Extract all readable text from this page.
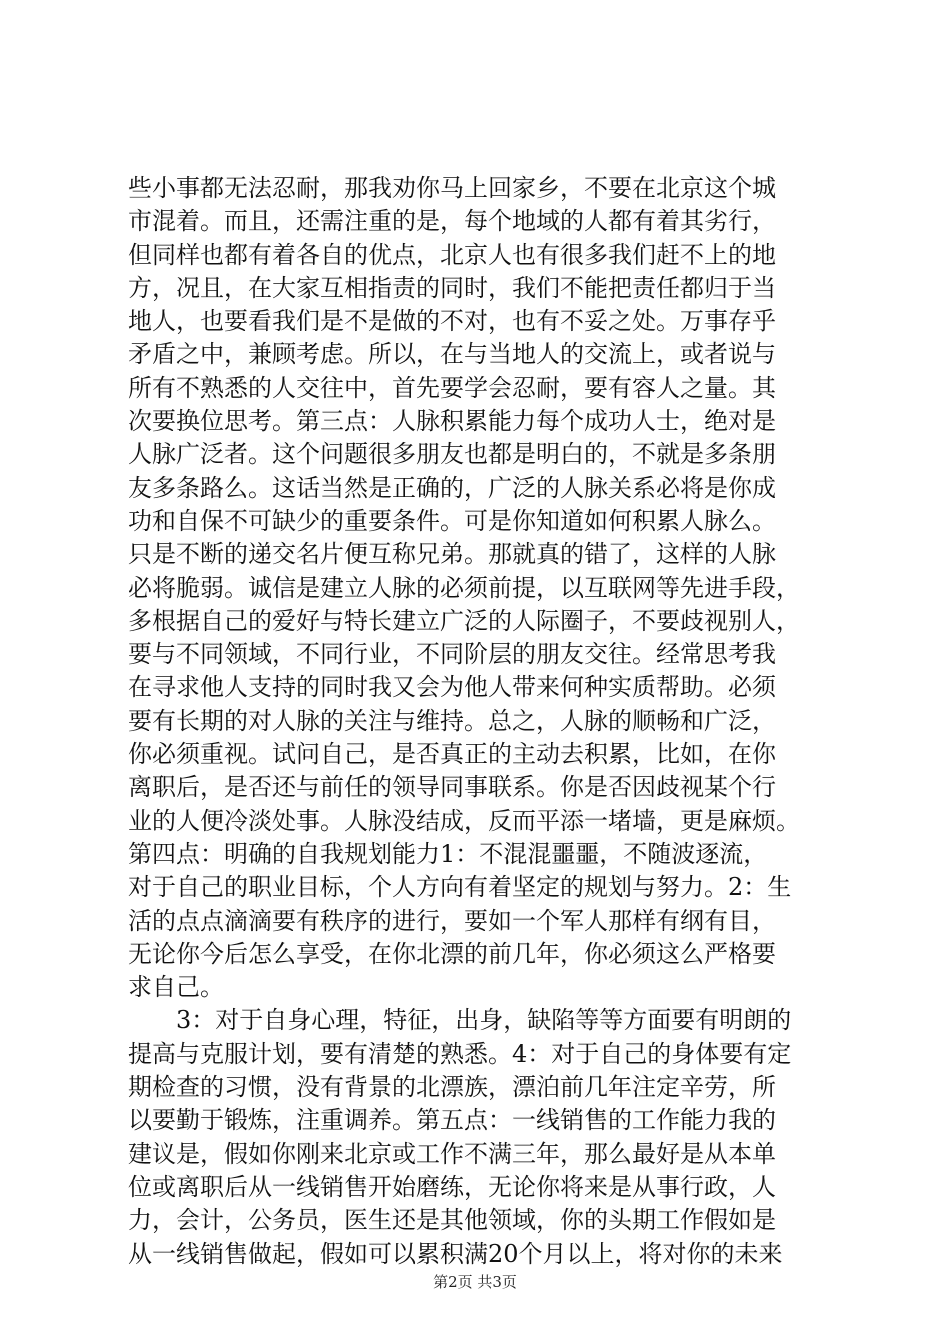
些小事都无法忍耐，那我劝你马上回家乡，不要在北京这个城
市混着。而且，还需注重的是，每个地域的人都有着其劣行，
但同样也都有着各自的优点，北京人也有很多我们赶不上的地
方，况且，在大家互相指责的同时，我们不能把责任都归于当
地人，也要看我们是不是做的不对，也有不妥之处。万事存乎
矛盾之中，兼顾考虑。所以，在与当地人的交流上，或者说与
所有不熟悉的人交往中，首先要学会忍耐，要有容人之量。其
次要换位思考。第三点：人脉积累能力每个成功人士，绝对是
人脉广泛者。这个问题很多朋友也都是明白的，不就是多条朋
友多条路么。这话当然是正确的，广泛的人脉关系必将是你成
功和自保不可缺少的重要条件。可是你知道如何积累人脉么。
只是不断的递交名片便互称兄弟。那就真的错了，这样的人脉
必将脆弱。诚信是建立人脉的必须前提，以互联网等先进手段，
多根据自己的爱好与特长建立广泛的人际圈子，不要歧视别人，
要与不同领域，不同行业，不同阶层的朋友交往。经常思考我
在寻求他人支持的同时我又会为他人带来何种实质帮助。必须
要有长期的对人脉的关注与维持。总之，人脉的顺畅和广泛，
你必须重视。试问自己，是否真正的主动去积累，比如，在你
离职后，是否还与前任的领导同事联系。你是否因歧视某个行
业的人便冷淡处事。人脉没结成，反而平添一堵墙，更是麻烦。
第四点：明确的自我规划能力1：不混混噩噩，不随波逐流，
对于自己的职业目标，个人方向有着坚定的规划与努力。2：生
活的点点滴滴要有秩序的进行，要如一个军人那样有纲有目，
无论你今后怎么享受，在你北漂的前几年，你必须这么严格要
求自己。
　　3：对于自身心理，特征，出身，缺陷等等方面要有明朗的
提高与克服计划，要有清楚的熟悉。4：对于自己的身体要有定
期检查的习惯，没有背景的北漂族，漂泊前几年注定辛劳，所
以要勤于锻炼，注重调养。第五点：一线销售的工作能力我的
建议是，假如你刚来北京或工作不满三年，那么最好是从本单
位或离职后从一线销售开始磨练，无论你将来是从事行政，人
力，会计，公务员，医生还是其他领域，你的头期工作假如是
从一线销售做起，假如可以累积满20个月以上，将对你的未来
第2页 共3页
